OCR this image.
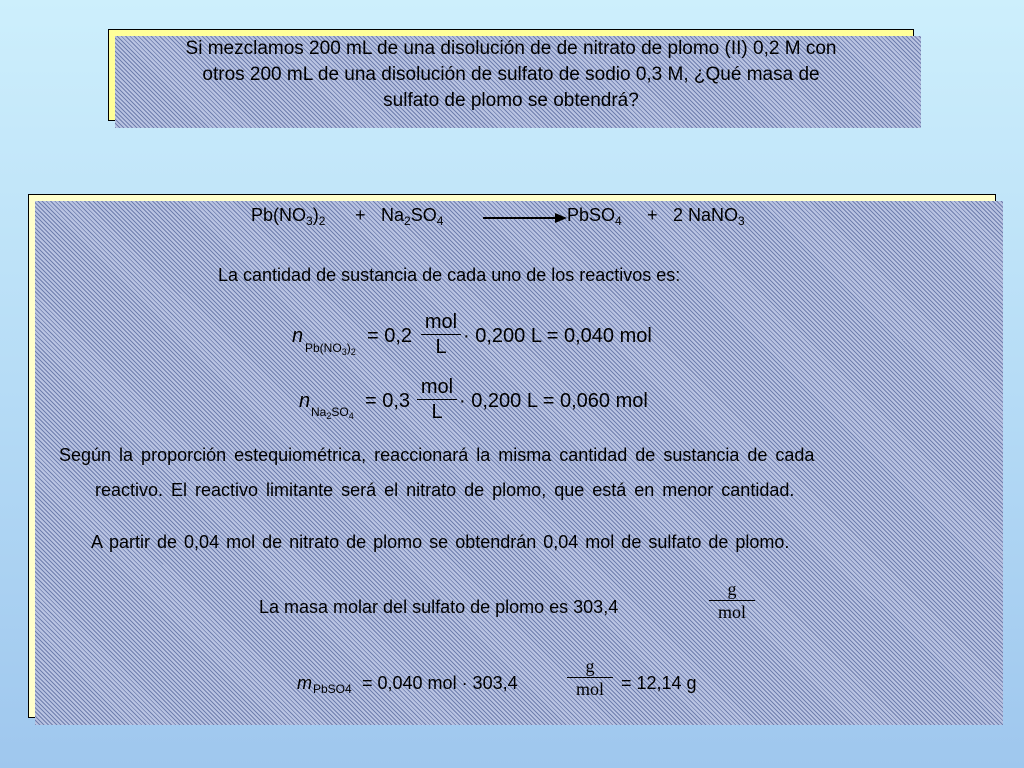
Si mezclamos 200 mL de una disolución de de nitrato de plomo (II) 0,2 M con
otros 200 mL de una disolución de sulfato de sodio 0,3 M, ¿Qué masa de
sulfato de plomo se obtendrá?
$Pb(NO_3)_2 + Na_2SO_4$	PbSO$_4$ + 2 NaNO$_3$
La cantidad de sustancia de cada uno de los reactivos es:
n
$Pb(NO_3)_2$
= 0,2
mol
L · 0,200 L = 0,040 mol
n $Na_2SO_4$
= 0,3
mol
L · 0,200 L = 0,060 mol
Según la proporción estequiométrica, reaccionará la misma cantidad de sustancia de cada
reactivo. El reactivo limitante será el nitrato de plomo, que está en menor cantidad.
A partir de 0,04 mol de nitrato de plomo se obtendrán 0,04 mol de sulfato de plomo.
La masa molar del sulfato de plomo es 303,4
g
mol
m PbSO4 = 0,040 mol · 303,4
g
mol = 12,14 g
